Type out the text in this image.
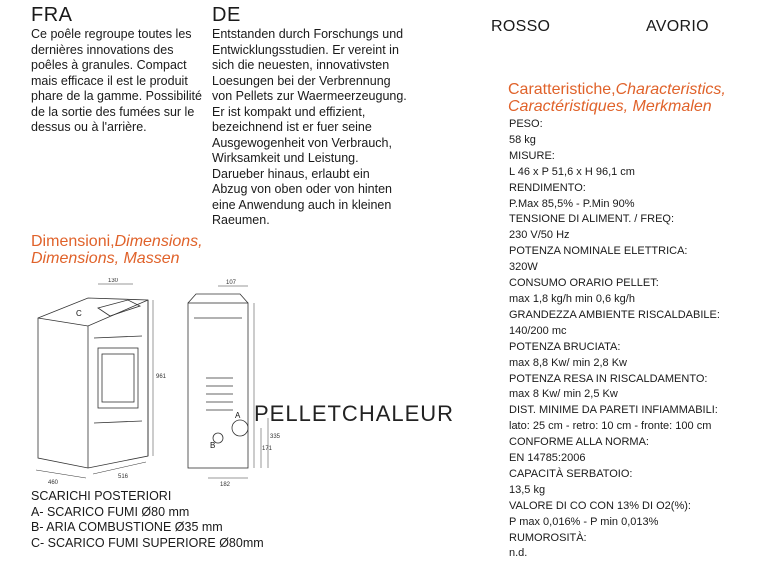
FRA
Ce poêle regroupe toutes les
dernières innovations des
poêles à granules. Compact
mais efficace il est le produit
phare de la gamme. Possibilité
de la sortie des fumées sur le
dessus ou à l'arrière.
DE
Entstanden durch Forschungs und
Entwicklungsstudien. Er vereint in
sich die neuesten, innovativsten
Loesungen bei der Verbrennung
von Pellets zur Waermeerzeugung.
Er ist kompakt und effizient,
bezeichnend ist er fuer seine
Ausgewogenheit von Verbrauch,
Wirksamkeit und Leistung.
Darueber hinaus, erlaubt ein
Abzug von oben oder von hinten
eine Anwendung auch in kleinen
Raeumen.
ROSSO	AVORIO
Caratteristiche,Characteristics,
Caractéristiques, Merkmalen
PESO:
58 kg
MISURE:
L 46 x P 51,6 x H 96,1 cm
RENDIMENTO:
P.Max 85,5% - P.Min 90%
TENSIONE DI ALIMENT. / FREQ:
230 V/50 Hz
POTENZA NOMINALE ELETTRICA:
320W
CONSUMO ORARIO PELLET:
max 1,8 kg/h min 0,6 kg/h
GRANDEZZA AMBIENTE RISCALDABILE:
140/200 mc
POTENZA BRUCIATA:
max 8,8 Kw/ min 2,8 Kw
POTENZA RESA IN RISCALDAMENTO:
max 8 Kw/ min 2,5 Kw
DIST. MINIME DA PARETI INFIAMMABILI:
lato: 25 cm - retro: 10 cm - fronte: 100 cm
CONFORME ALLA NORMA:
EN 14785:2006
CAPACITÀ SERBATOIO:
13,5 kg
VALORE DI CO CON 13% DI O2(%):
P max 0,016% - P min 0,013%
RUMOROSITÀ:
n.d.
Dimensioni,Dimensions,
Dimensions, Massen
130
961
460
516
107
182
171
335
C
A
B
PELLETCHALEUR
SCARICHI POSTERIORI
A- SCARICO FUMI Ø80 mm
B- ARIA COMBUSTIONE Ø35 mm
C- SCARICO FUMI SUPERIORE Ø80mm
